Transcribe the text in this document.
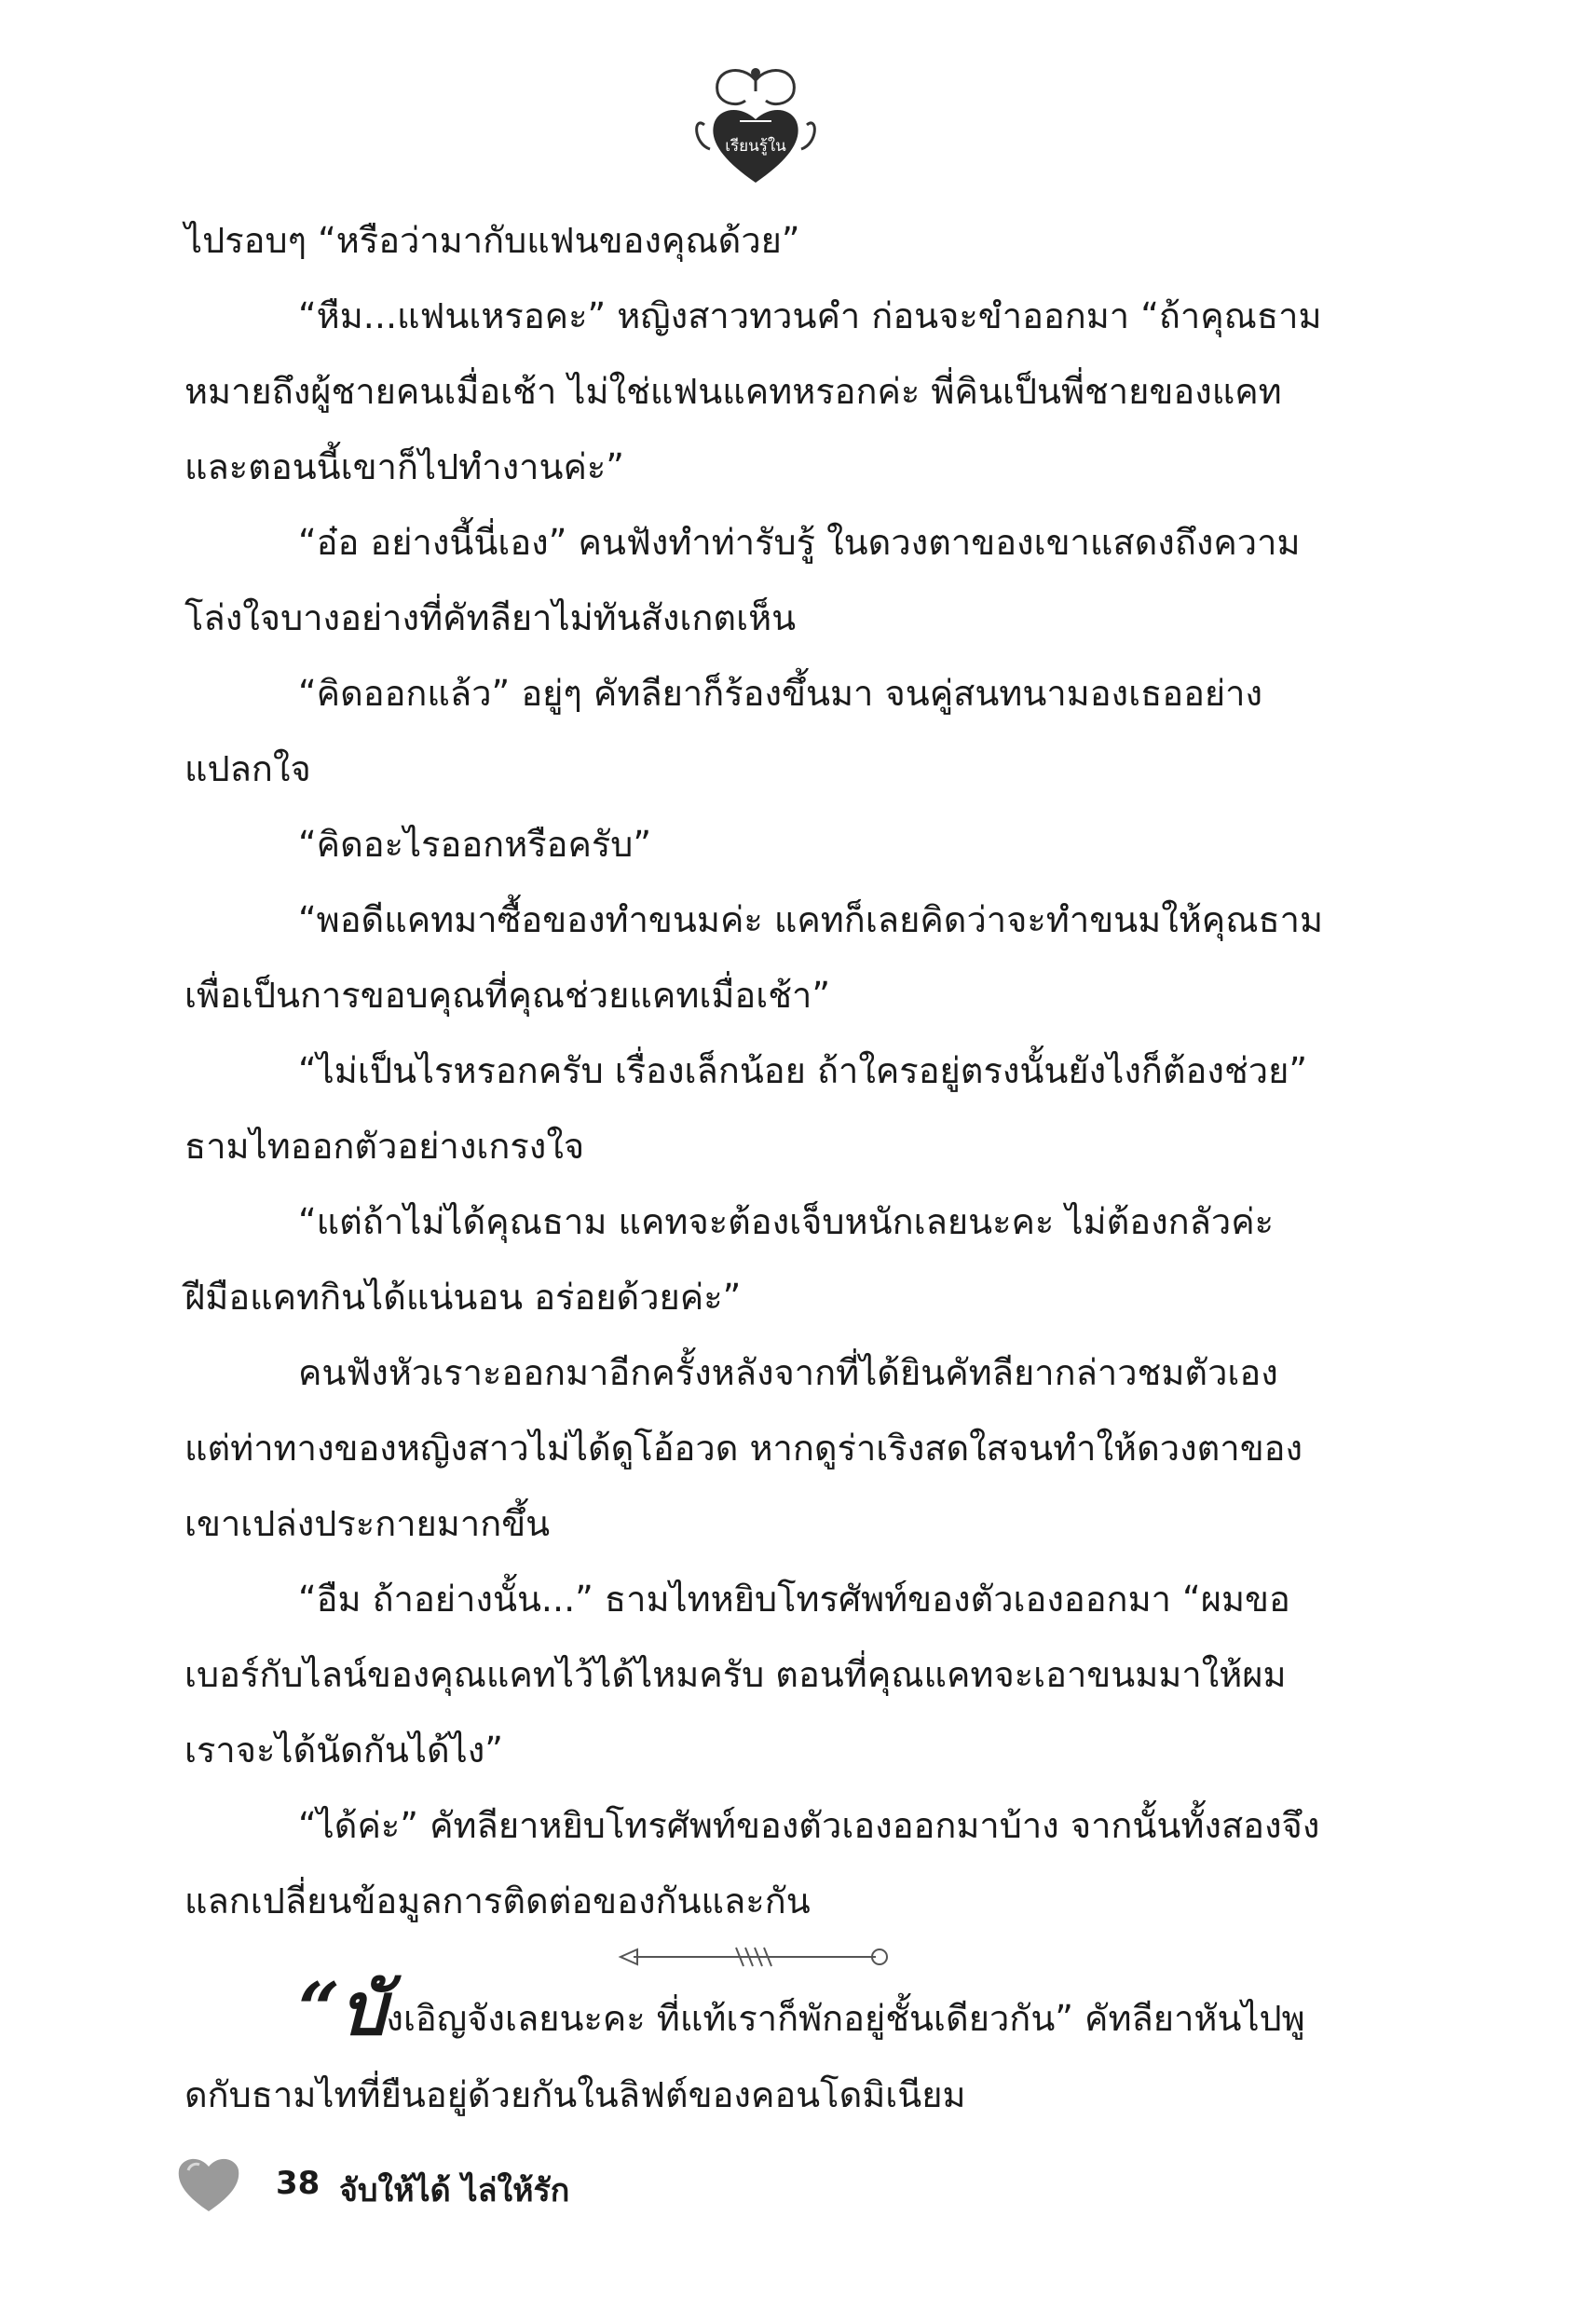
เรียนรู้ใน

ไปรอบๆ “หรือว่ามากับแฟนของคุณด้วย”

“หืม...แฟนเหรอคะ” หญิงสาวทวนคำ ก่อนจะขำออกมา “ถ้าคุณธามหมายถึงผู้ชายคนเมื่อเช้า ไม่ใช่แฟนแคทหรอกค่ะ พี่คินเป็นพี่ชายของแคท และตอนนี้เขาก็ไปทำงานค่ะ”

“อ๋อ อย่างนี้นี่เอง” คนฟังทำท่ารับรู้ ในดวงตาของเขาแสดงถึงความโล่งใจบางอย่างที่คัทลียาไม่ทันสังเกตเห็น

“คิดออกแล้ว” อยู่ๆ คัทลียาก็ร้องขึ้นมา จนคู่สนทนามองเธออย่างแปลกใจ

“คิดอะไรออกหรือครับ”

“พอดีแคทมาซื้อของทำขนมค่ะ แคทก็เลยคิดว่าจะทำขนมให้คุณธามเพื่อเป็นการขอบคุณที่คุณช่วยแคทเมื่อเช้า”

“ไม่เป็นไรหรอกครับ เรื่องเล็กน้อย ถ้าใครอยู่ตรงนั้นยังไงก็ต้องช่วย” ธามไทออกตัวอย่างเกรงใจ

“แต่ถ้าไม่ได้คุณธาม แคทจะต้องเจ็บหนักเลยนะคะ ไม่ต้องกลัวค่ะ ฝีมือแคทกินได้แน่นอน อร่อยด้วยค่ะ”

คนฟังหัวเราะออกมาอีกครั้งหลังจากที่ได้ยินคัทลียากล่าวชมตัวเอง แต่ท่าทางของหญิงสาวไม่ได้ดูโอ้อวด หากดูร่าเริงสดใสจนทำให้ดวงตาของเขาเปล่งประกายมากขึ้น

“อืม ถ้าอย่างนั้น...” ธามไทหยิบโทรศัพท์ของตัวเองออกมา “ผมขอเบอร์กับไลน์ของคุณแคทไว้ได้ไหมครับ ตอนที่คุณแคทจะเอาขนมมาให้ผม เราจะได้นัดกันได้ไง”

“ได้ค่ะ” คัทลียาหยิบโทรศัพท์ของตัวเองออกมาบ้าง จากนั้นทั้งสองจึงแลกเปลี่ยนข้อมูลการติดต่อของกันและกัน

“บังเอิญจังเลยนะคะ ที่แท้เราก็พักอยู่ชั้นเดียวกัน” คัทลียาหันไปพูดกับธามไทที่ยืนอยู่ด้วยกันในลิฟต์ของคอนโดมิเนียม

38 จับให้ได้ ไล่ให้รัก
